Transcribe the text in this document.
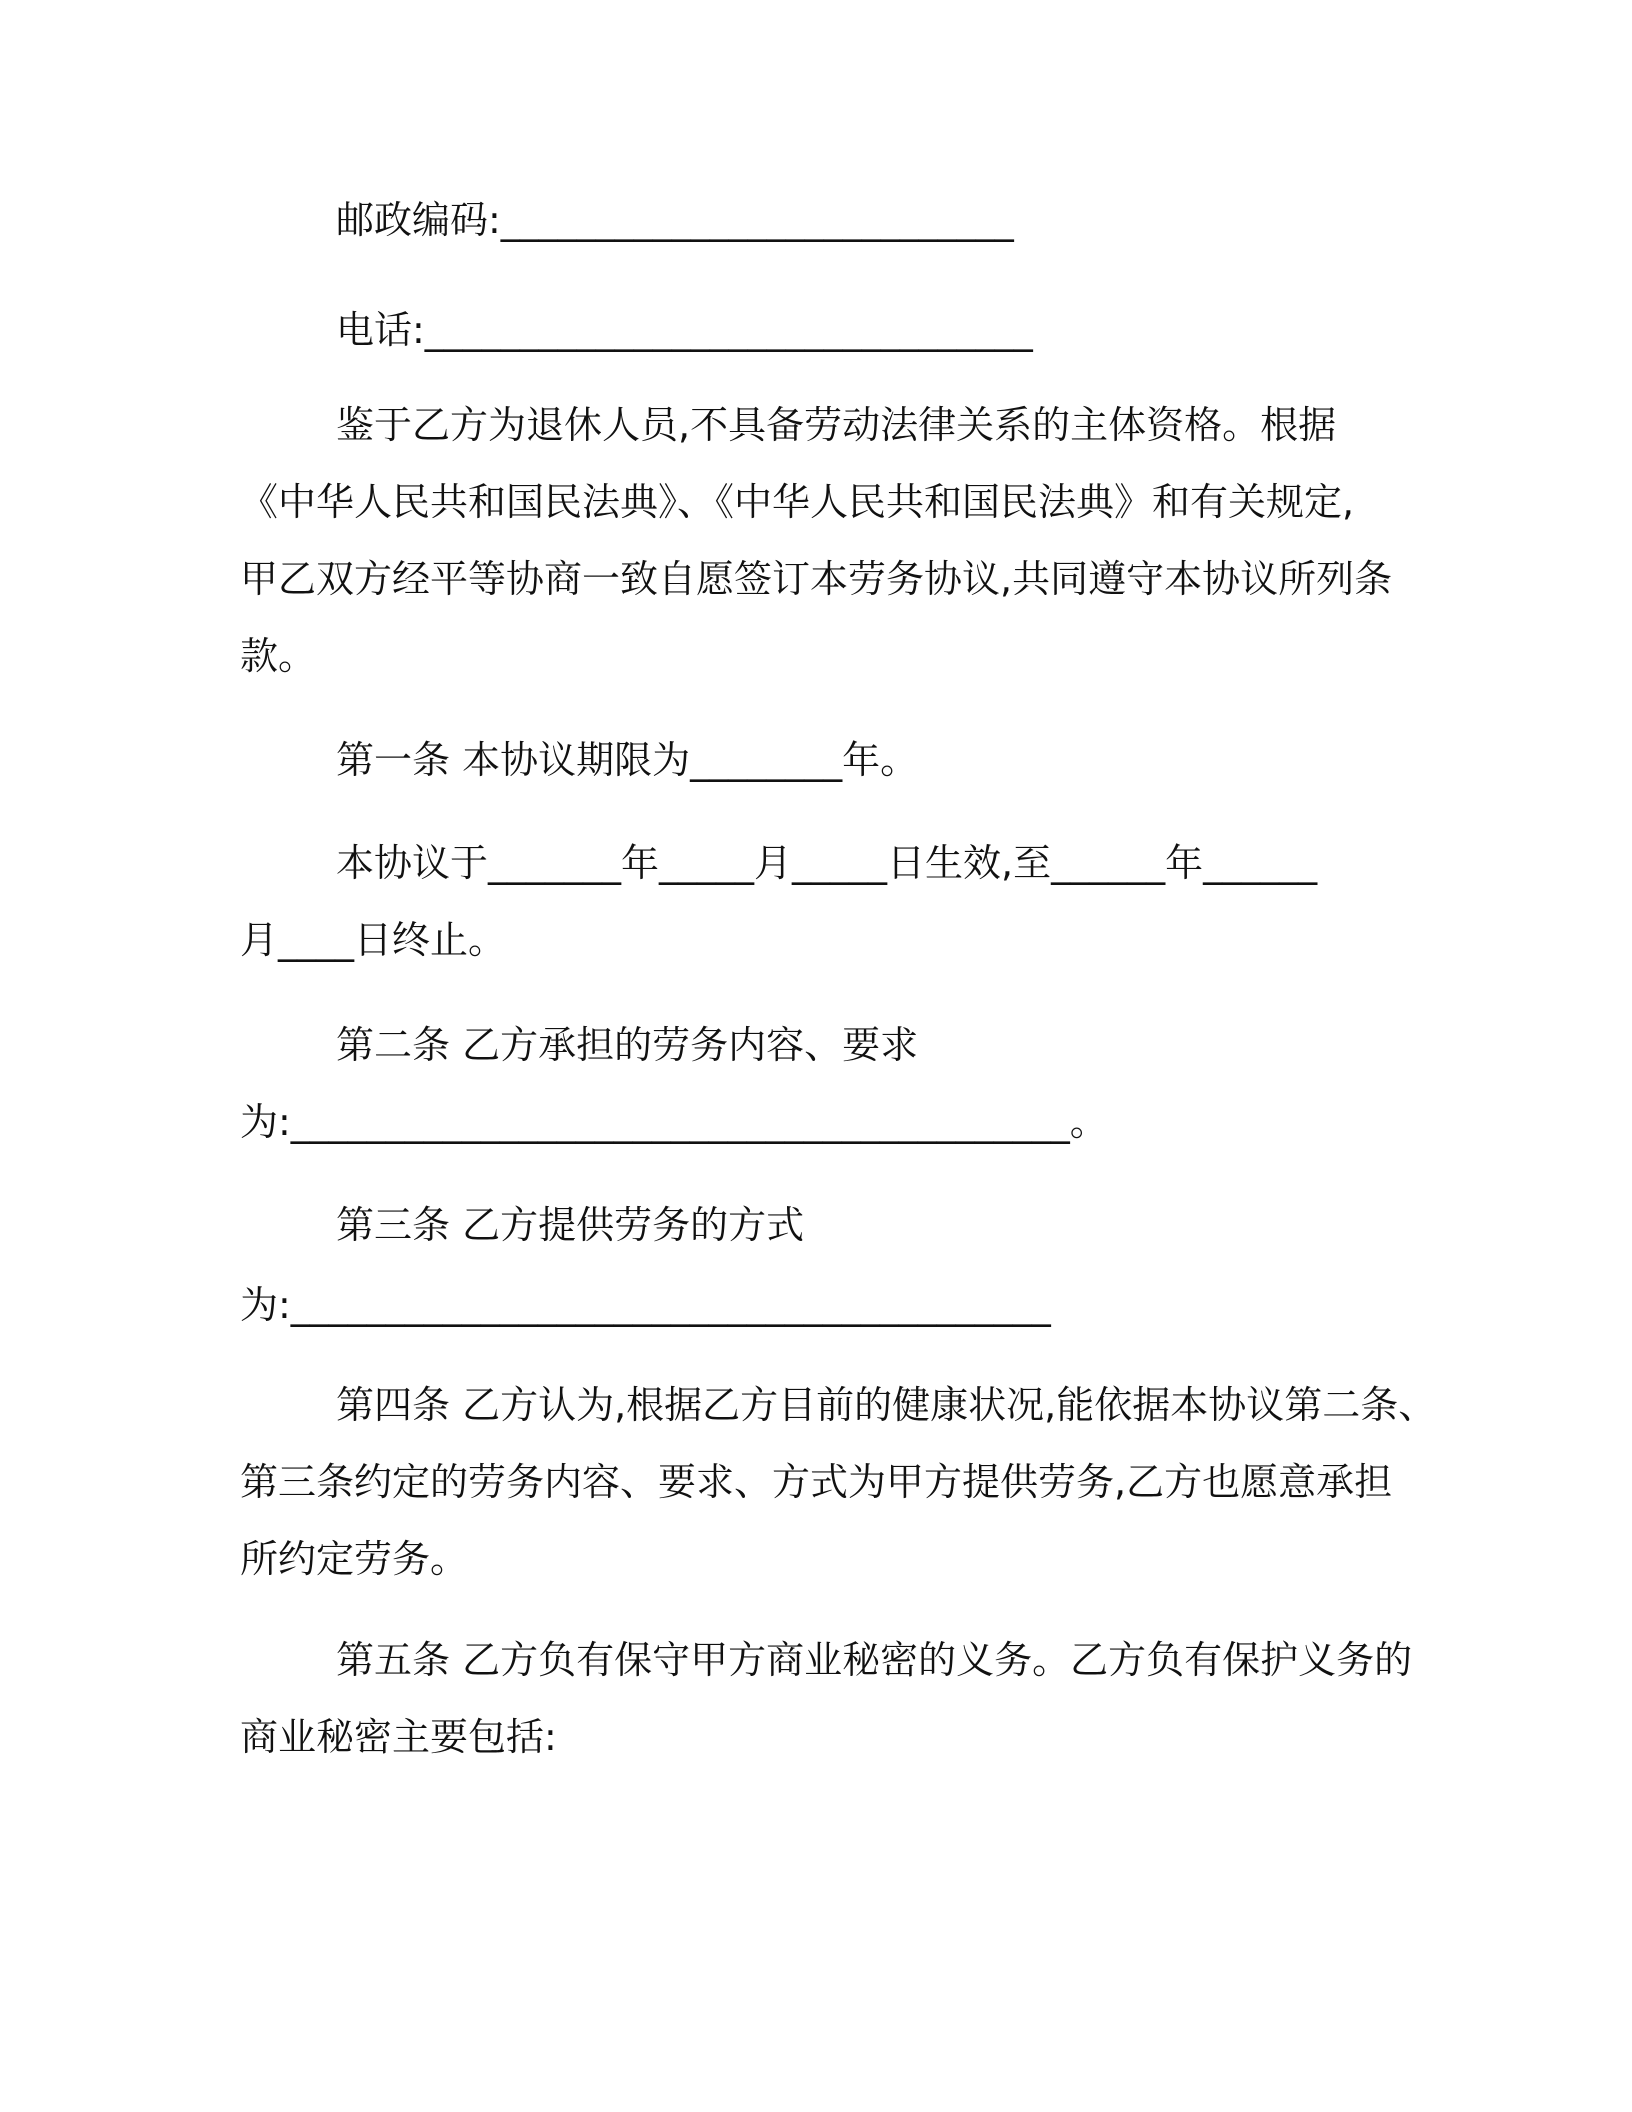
邮政编码:___________________________
电话:________________________________
鉴于乙方为退休人员,不具备劳动法律关系的主体资格。根据
《中华人民共和国民法典》、《中华人民共和国民法典》和有关规定,
甲乙双方经平等协商一致自愿签订本劳务协议,共同遵守本协议所列条
款。
第一条 本协议期限为________年。
本协议于_______年_____月_____日生效,至______年______
月____日终止。
第二条 乙方承担的劳务内容、要求
为:_________________________________________。
第三条 乙方提供劳务的方式
为:________________________________________
第四条 乙方认为,根据乙方目前的健康状况,能依据本协议第二条、
第三条约定的劳务内容、要求、方式为甲方提供劳务,乙方也愿意承担
所约定劳务。
第五条 乙方负有保守甲方商业秘密的义务。乙方负有保护义务的
商业秘密主要包括:
